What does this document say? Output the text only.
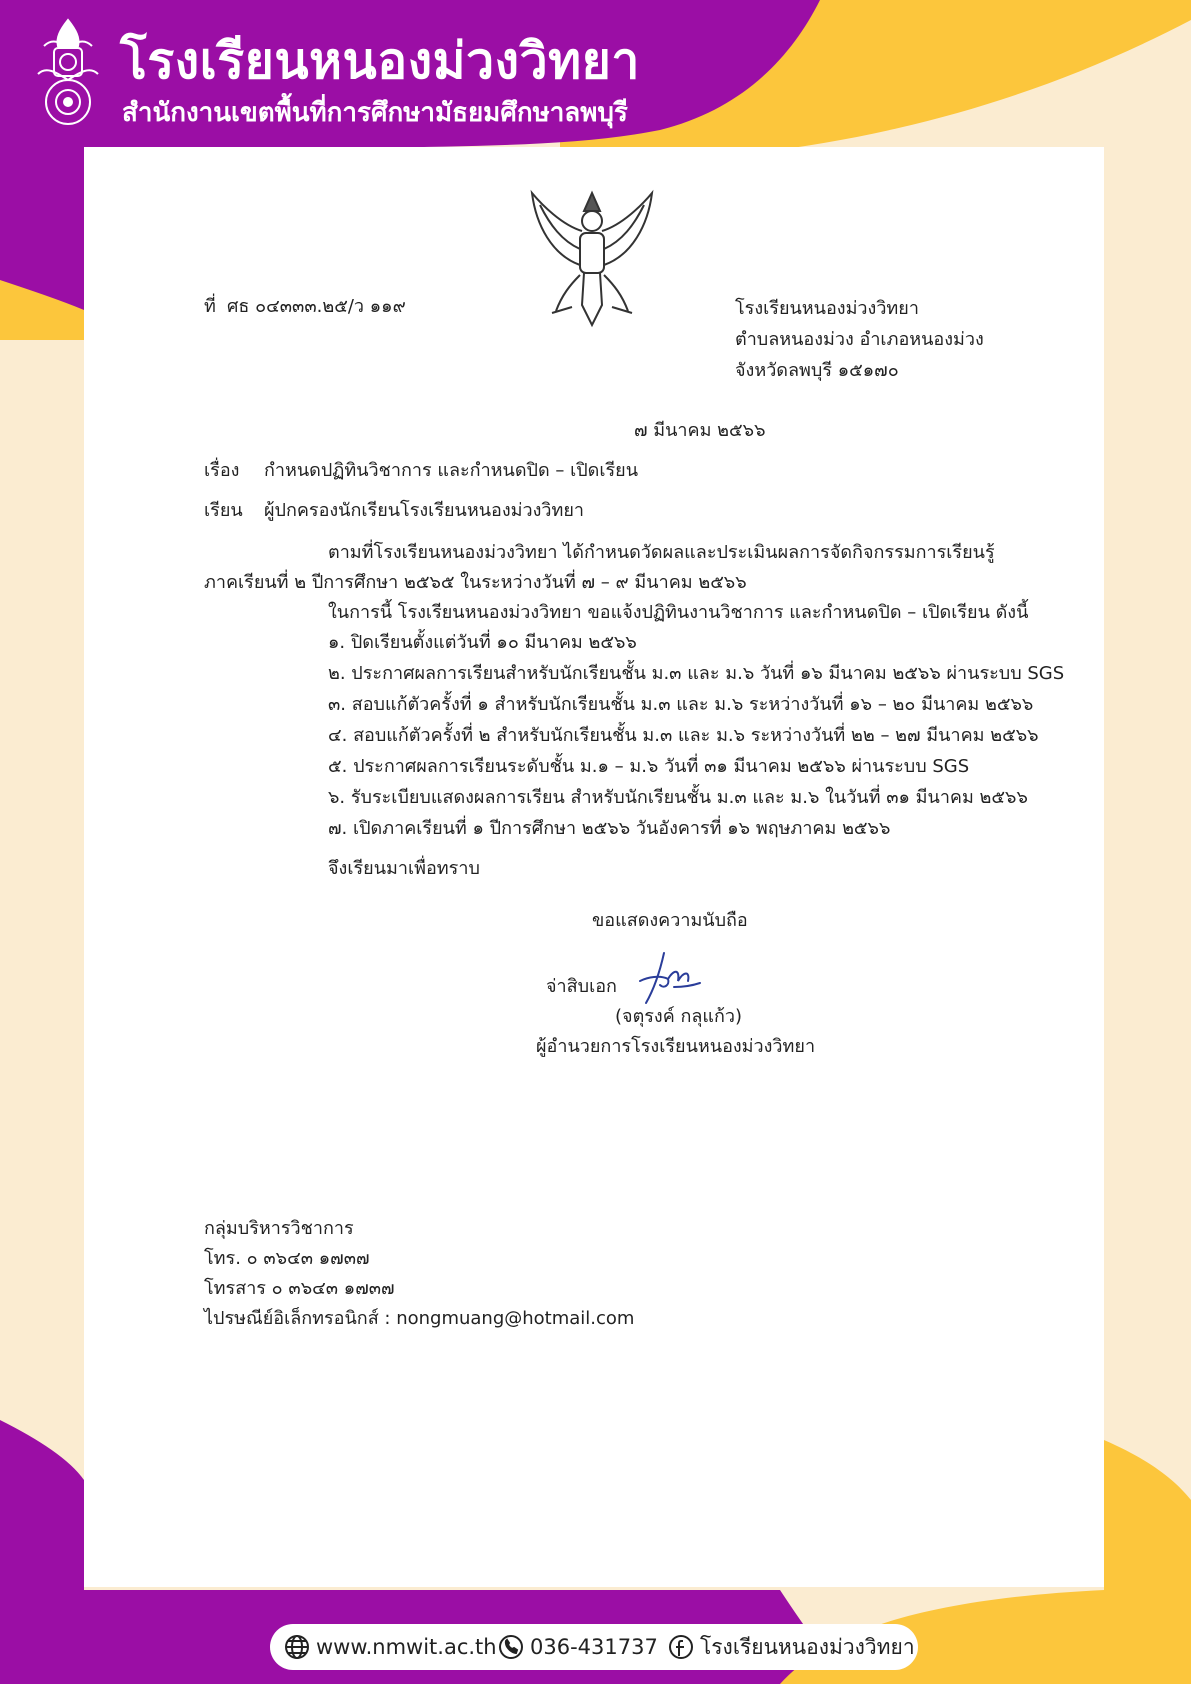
โรงเรียนหนองม่วงวิทยา
สำนักงานเขตพื้นที่การศึกษามัธยมศึกษาลพบุรี
ที่ ศธ ๐๔๓๓๓.๒๕/ว ๑๑๙	โรงเรียนหนองม่วงวิทยา
ตำบลหนองม่วง อำเภอหนองม่วง
จังหวัดลพบุรี ๑๕๑๗๐
๗ มีนาคม ๒๕๖๖
เรื่อง กำหนดปฏิทินวิชาการ และกำหนดปิด – เปิดเรียน
เรียน ผู้ปกครองนักเรียนโรงเรียนหนองม่วงวิทยา
ตามที่โรงเรียนหนองม่วงวิทยา ได้กำหนดวัดผลและประเมินผลการจัดกิจกรรมการเรียนรู้
ภาคเรียนที่ ๒ ปีการศึกษา ๒๕๖๕ ในระหว่างวันที่ ๗ – ๙ มีนาคม ๒๕๖๖
ในการนี้ โรงเรียนหนองม่วงวิทยา ขอแจ้งปฏิทินงานวิชาการ และกำหนดปิด – เปิดเรียน ดังนี้
๑. ปิดเรียนตั้งแต่วันที่ ๑๐ มีนาคม ๒๕๖๖
๒. ประกาศผลการเรียนสำหรับนักเรียนชั้น ม.๓ และ ม.๖ วันที่ ๑๖ มีนาคม ๒๕๖๖ ผ่านระบบ SGS
๓. สอบแก้ตัวครั้งที่ ๑ สำหรับนักเรียนชั้น ม.๓ และ ม.๖ ระหว่างวันที่ ๑๖ – ๒๐ มีนาคม ๒๕๖๖
๔. สอบแก้ตัวครั้งที่ ๒ สำหรับนักเรียนชั้น ม.๓ และ ม.๖ ระหว่างวันที่ ๒๒ – ๒๗ มีนาคม ๒๕๖๖
๕. ประกาศผลการเรียนระดับชั้น ม.๑ – ม.๖ วันที่ ๓๑ มีนาคม ๒๕๖๖ ผ่านระบบ SGS
๖. รับระเบียบแสดงผลการเรียน สำหรับนักเรียนชั้น ม.๓ และ ม.๖ ในวันที่ ๓๑ มีนาคม ๒๕๖๖
๗. เปิดภาคเรียนที่ ๑ ปีการศึกษา ๒๕๖๖ วันอังคารที่ ๑๖ พฤษภาคม ๒๕๖๖
จึงเรียนมาเพื่อทราบ
ขอแสดงความนับถือ
จ่าสิบเอก
(จตุรงค์ กลุแก้ว)
ผู้อำนวยการโรงเรียนหนองม่วงวิทยา
กลุ่มบริหารวิชาการ
โทร. ๐ ๓๖๔๓ ๑๗๓๗
โทรสาร ๐ ๓๖๔๓ ๑๗๓๗
ไปรษณีย์อิเล็กทรอนิกส์ : nongmuang@hotmail.com
www.nmwit.ac.th 036-431737 โรงเรียนหนองม่วงวิทยา
